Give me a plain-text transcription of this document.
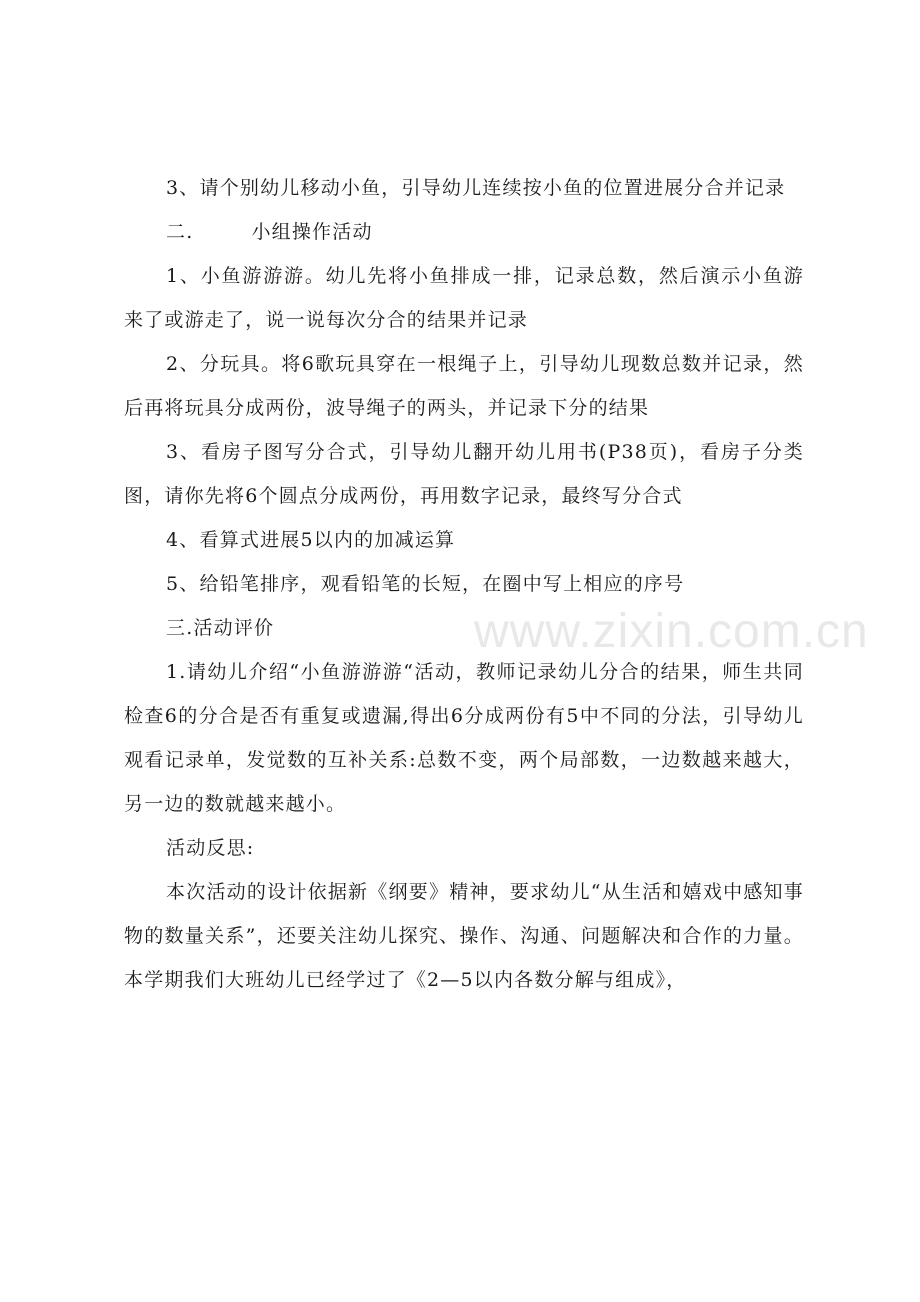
3、请个别幼儿移动小鱼，引导幼儿连续按小鱼的位置进展分合并记录

二.	小组操作活动

1、小鱼游游游。幼儿先将小鱼排成一排，记录总数，然后演示小鱼游来了或游走了，说一说每次分合的结果并记录

2、分玩具。将6歌玩具穿在一根绳子上，引导幼儿现数总数并记录，然后再将玩具分成两份，波导绳子的两头，并记录下分的结果

3、看房子图写分合式，引导幼儿翻开幼儿用书(P38页)，看房子分类图，请你先将6个圆点分成两份，再用数字记录，最终写分合式

4、看算式进展5以内的加减运算

5、给铅笔排序，观看铅笔的长短，在圈中写上相应的序号

三.活动评价

1.请幼儿介绍“小鱼游游游“活动，教师记录幼儿分合的结果，师生共同检查6的分合是否有重复或遗漏,得出6分成两份有5中不同的分法，引导幼儿观看记录单，发觉数的互补关系:总数不变，两个局部数，一边数越来越大，另一边的数就越来越小。

活动反思:

本次活动的设计依据新《纲要》精神，要求幼儿“从生活和嬉戏中感知事物的数量关系”，还要关注幼儿探究、操作、沟通、问题解决和合作的力量。本学期我们大班幼儿已经学过了《2—5以内各数分解与组成》，

www.zixin.com.cn
